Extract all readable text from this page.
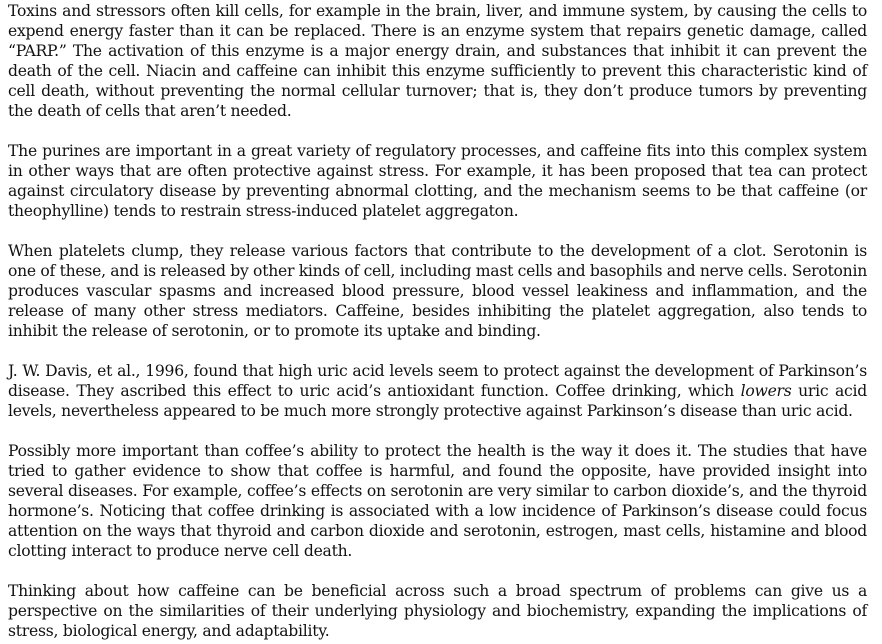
Toxins and stressors often kill cells, for example in the brain, liver, and immune system, by causing the cells to
expend energy faster than it can be replaced. There is an enzyme system that repairs genetic damage, called
“PARP.” The activation of this enzyme is a major energy drain, and substances that inhibit it can prevent the
death of the cell. Niacin and caffeine can inhibit this enzyme sufficiently to prevent this characteristic kind of
cell death, without preventing the normal cellular turnover; that is, they don’t produce tumors by preventing
the death of cells that aren’t needed.

The purines are important in a great variety of regulatory processes, and caffeine fits into this complex system
in other ways that are often protective against stress. For example, it has been proposed that tea can protect
against circulatory disease by preventing abnormal clotting, and the mechanism seems to be that caffeine (or
theophylline) tends to restrain stress-induced platelet aggregaton.

When platelets clump, they release various factors that contribute to the development of a clot. Serotonin is
one of these, and is released by other kinds of cell, including mast cells and basophils and nerve cells. Serotonin
produces vascular spasms and increased blood pressure, blood vessel leakiness and inflammation, and the
release of many other stress mediators. Caffeine, besides inhibiting the platelet aggregation, also tends to
inhibit the release of serotonin, or to promote its uptake and binding.

J. W. Davis, et al., 1996, found that high uric acid levels seem to protect against the development of Parkinson’s
disease. They ascribed this effect to uric acid’s antioxidant function. Coffee drinking, which lowers uric acid
levels, nevertheless appeared to be much more strongly protective against Parkinson’s disease than uric acid.

Possibly more important than coffee’s ability to protect the health is the way it does it. The studies that have
tried to gather evidence to show that coffee is harmful, and found the opposite, have provided insight into
several diseases. For example, coffee’s effects on serotonin are very similar to carbon dioxide’s, and the thyroid
hormone’s. Noticing that coffee drinking is associated with a low incidence of Parkinson’s disease could focus
attention on the ways that thyroid and carbon dioxide and serotonin, estrogen, mast cells, histamine and blood
clotting interact to produce nerve cell death.

Thinking about how caffeine can be beneficial across such a broad spectrum of problems can give us a
perspective on the similarities of their underlying physiology and biochemistry, expanding the implications of
stress, biological energy, and adaptability.
